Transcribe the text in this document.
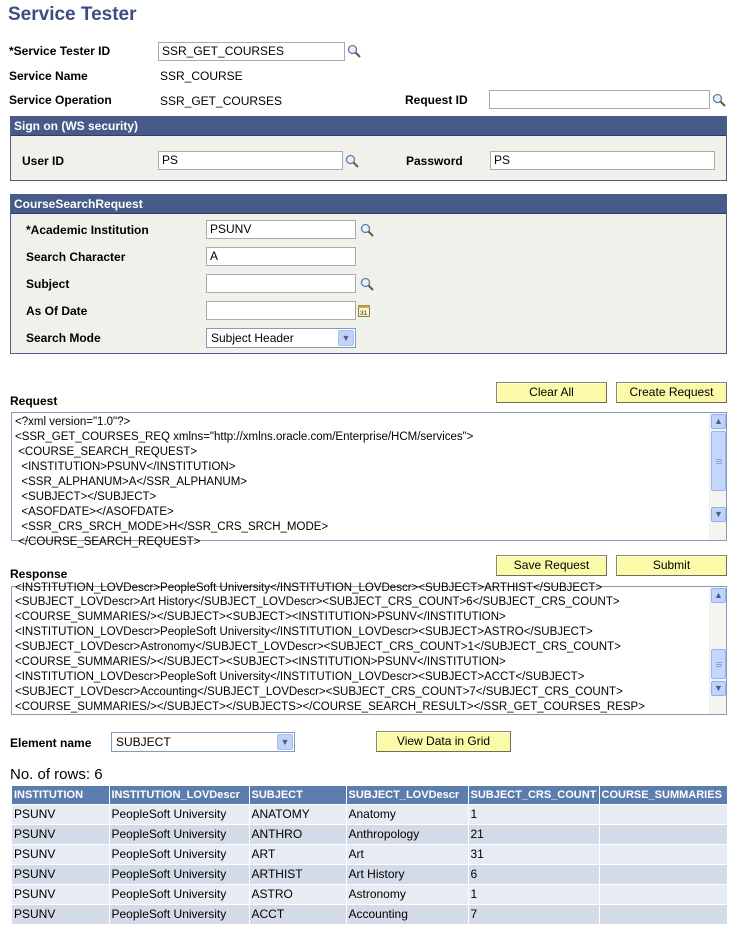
Service Tester
*Service Tester ID	SSR_GET_COURSES
Service Name	SSR_COURSE
Service Operation	SSR_GET_COURSES	Request ID
Sign on (WS security)
User ID	PS	Password	PS
CourseSearchRequest
*Academic Institution	PSUNV
Search Character	A
Subject
As Of Date	31
Search Mode	Subject Header	▼
Request
Clear All	Create Request
<?xml version="1.0"?>
<SSR_GET_COURSES_REQ xmlns="http://xmlns.oracle.com/Enterprise/HCM/services">
<COURSE_SEARCH_REQUEST>
<INSTITUTION>PSUNV</INSTITUTION>
<SSR_ALPHANUM>A</SSR_ALPHANUM>
<SUBJECT></SUBJECT>
<ASOFDATE></ASOFDATE>
<SSR_CRS_SRCH_MODE>H</SSR_CRS_SRCH_MODE>
</COURSE_SEARCH_REQUEST>
▲
▼
Response
Save Request	Submit
<INSTITUTION_LOVDescr>PeopleSoft University</INSTITUTION_LOVDescr><SUBJECT>ARTHIST</SUBJECT>
<SUBJECT_LOVDescr>Art History</SUBJECT_LOVDescr><SUBJECT_CRS_COUNT>6</SUBJECT_CRS_COUNT>
<COURSE_SUMMARIES/></SUBJECT><SUBJECT><INSTITUTION>PSUNV</INSTITUTION>
<INSTITUTION_LOVDescr>PeopleSoft University</INSTITUTION_LOVDescr><SUBJECT>ASTRO</SUBJECT>
<SUBJECT_LOVDescr>Astronomy</SUBJECT_LOVDescr><SUBJECT_CRS_COUNT>1</SUBJECT_CRS_COUNT>
<COURSE_SUMMARIES/></SUBJECT><SUBJECT><INSTITUTION>PSUNV</INSTITUTION>
<INSTITUTION_LOVDescr>PeopleSoft University</INSTITUTION_LOVDescr><SUBJECT>ACCT</SUBJECT>
<SUBJECT_LOVDescr>Accounting</SUBJECT_LOVDescr><SUBJECT_CRS_COUNT>7</SUBJECT_CRS_COUNT>
<COURSE_SUMMARIES/></SUBJECT></SUBJECTS></COURSE_SEARCH_RESULT></SSR_GET_COURSES_RESP>
▲
▼
Element name	SUBJECT	▼	View Data in Grid
No. of rows: 6
INSTITUTION	INSTITUTION_LOVDescr	SUBJECT	SUBJECT_LOVDescr	SUBJECT_CRS_COUNT	COURSE_SUMMARIES
PSUNV	PeopleSoft University	ANATOMY	Anatomy	1	
PSUNV	PeopleSoft University	ANTHRO	Anthropology	21	
PSUNV	PeopleSoft University	ART	Art	31	
PSUNV	PeopleSoft University	ARTHIST	Art History	6	
PSUNV	PeopleSoft University	ASTRO	Astronomy	1	
PSUNV	PeopleSoft University	ACCT	Accounting	7	
